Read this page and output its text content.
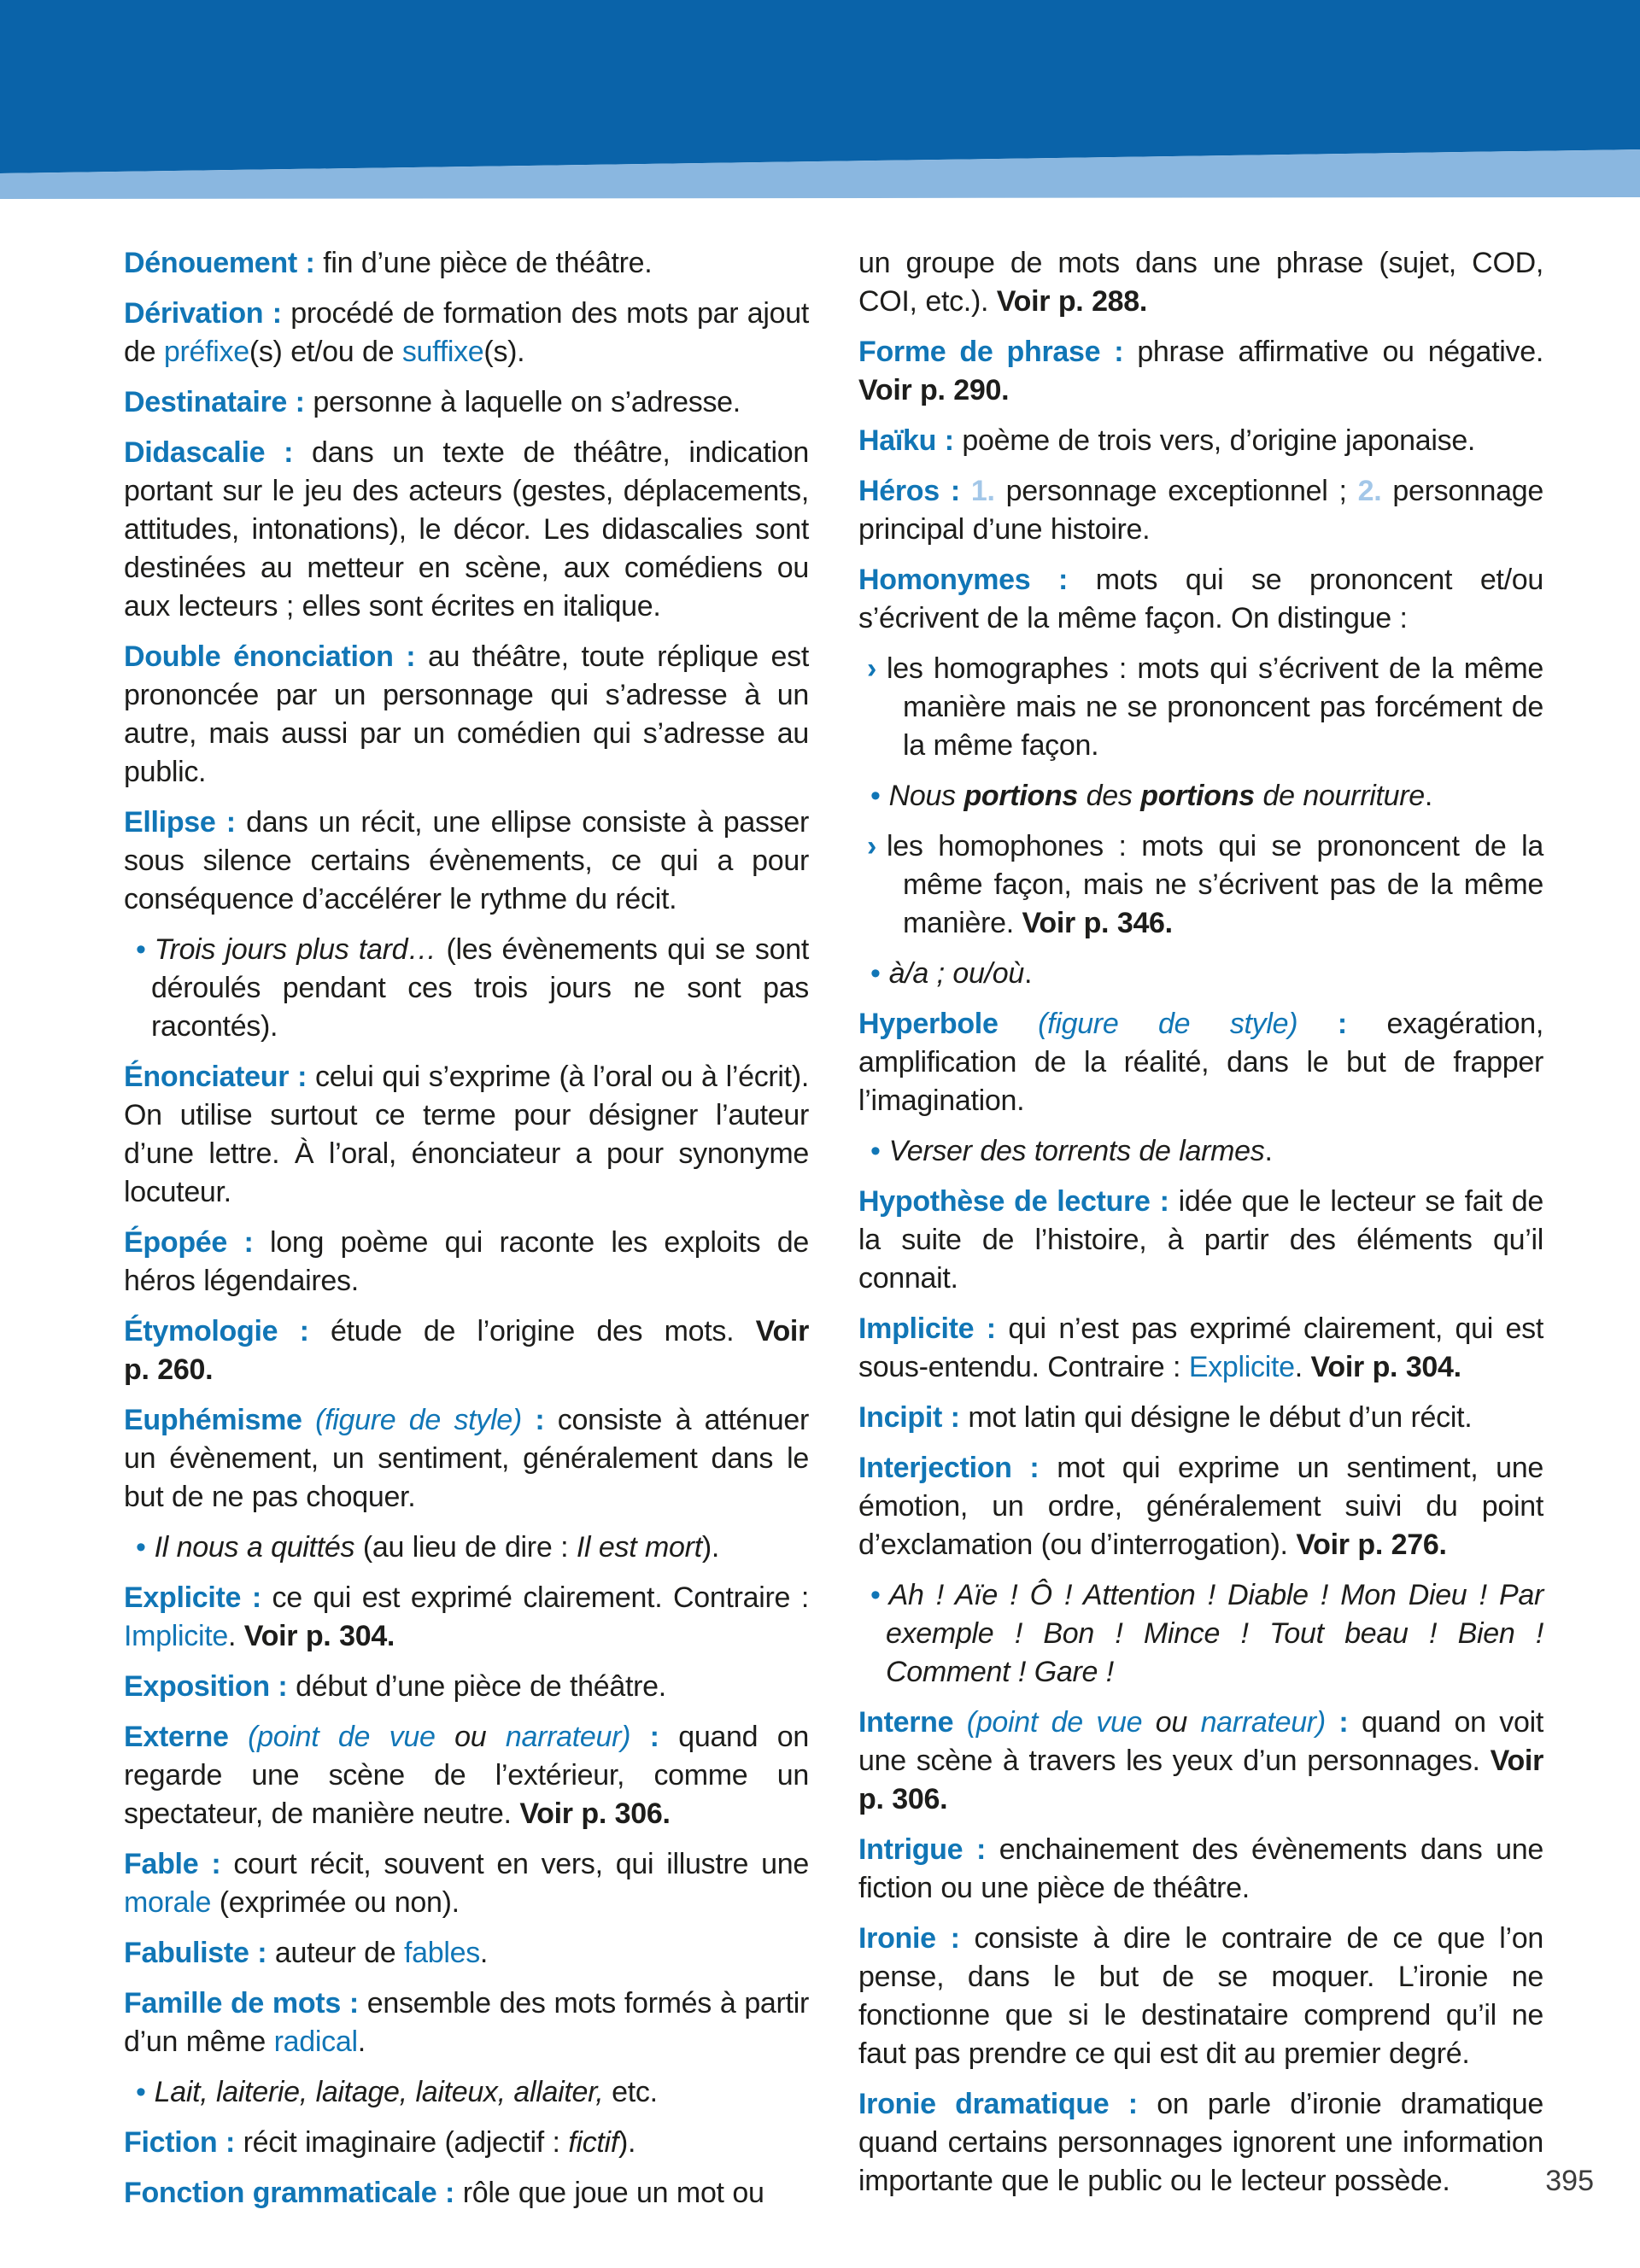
Dénouement : fin d’une pièce de théâtre.

Dérivation : procédé de formation des mots par ajout de préfixe(s) et/ou de suffixe(s).

Destinataire : personne à laquelle on s’adresse.

Didascalie : dans un texte de théâtre, indication portant sur le jeu des acteurs (gestes, déplacements, attitudes, intonations), le décor. Les didascalies sont destinées au metteur en scène, aux comédiens ou aux lecteurs ; elles sont écrites en italique.

Double énonciation : au théâtre, toute réplique est prononcée par un personnage qui s’adresse à un autre, mais aussi par un comédien qui s’adresse au public.

Ellipse : dans un récit, une ellipse consiste à passer sous silence certains évènements, ce qui a pour conséquence d’accélérer le rythme du récit.

• Trois jours plus tard… (les évènements qui se sont déroulés pendant ces trois jours ne sont pas racontés).

Énonciateur : celui qui s’exprime (à l’oral ou à l’écrit). On utilise surtout ce terme pour désigner l’auteur d’une lettre. À l’oral, énonciateur a pour synonyme locuteur.

Épopée : long poème qui raconte les exploits de héros légendaires.

Étymologie : étude de l’origine des mots. Voir p. 260.

Euphémisme (figure de style) : consiste à atténuer un évènement, un sentiment, généralement dans le but de ne pas choquer.

• Il nous a quittés (au lieu de dire : Il est mort).

Explicite : ce qui est exprimé clairement. Contraire : Implicite. Voir p. 304.

Exposition : début d’une pièce de théâtre.

Externe (point de vue ou narrateur) : quand on regarde une scène de l’extérieur, comme un spectateur, de manière neutre. Voir p. 306.

Fable : court récit, souvent en vers, qui illustre une morale (exprimée ou non).

Fabuliste : auteur de fables.

Famille de mots : ensemble des mots formés à partir d’un même radical.

• Lait, laiterie, laitage, laiteux, allaiter, etc.

Fiction : récit imaginaire (adjectif : fictif).

Fonction grammaticale : rôle que joue un mot ou

un groupe de mots dans une phrase (sujet, COD, COI, etc.). Voir p. 288.

Forme de phrase : phrase affirmative ou négative. Voir p. 290.

Haïku : poème de trois vers, d’origine japonaise.

Héros : 1. personnage exceptionnel ; 2. personnage principal d’une histoire.

Homonymes : mots qui se prononcent et/ou s’écrivent de la même façon. On distingue :

› les homographes : mots qui s’écrivent de la même manière mais ne se prononcent pas forcément de la même façon.

• Nous portions des portions de nourriture.

› les homophones : mots qui se prononcent de la même façon, mais ne s’écrivent pas de la même manière. Voir p. 346.

• à/a ; ou/où.

Hyperbole (figure de style) : exagération, amplification de la réalité, dans le but de frapper l’imagination.

• Verser des torrents de larmes.

Hypothèse de lecture : idée que le lecteur se fait de la suite de l’histoire, à partir des éléments qu’il connait.

Implicite : qui n’est pas exprimé clairement, qui est sous-entendu. Contraire : Explicite. Voir p. 304.

Incipit : mot latin qui désigne le début d’un récit.

Interjection : mot qui exprime un sentiment, une émotion, un ordre, généralement suivi du point d’exclamation (ou d’interrogation). Voir p. 276.

• Ah ! Aïe ! Ô ! Attention ! Diable ! Mon Dieu ! Par exemple ! Bon ! Mince ! Tout beau ! Bien ! Comment ! Gare !

Interne (point de vue ou narrateur) : quand on voit une scène à travers les yeux d’un personnages. Voir p. 306.

Intrigue : enchainement des évènements dans une fiction ou une pièce de théâtre.

Ironie : consiste à dire le contraire de ce que l’on pense, dans le but de se moquer. L’ironie ne fonctionne que si le destinataire comprend qu’il ne faut pas prendre ce qui est dit au premier degré.

Ironie dramatique : on parle d’ironie dramatique quand certains personnages ignorent une information importante que le public ou le lecteur possède.	395
